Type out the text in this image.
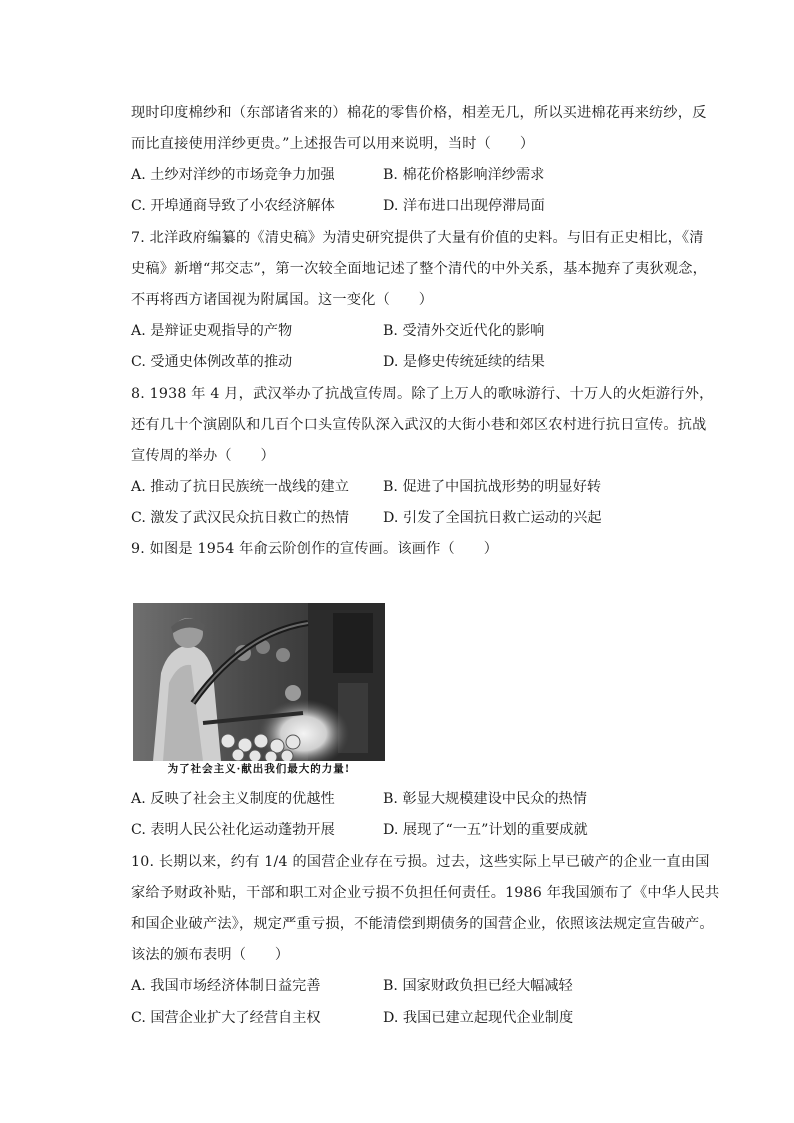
现时印度棉纱和（东部诸省来的）棉花的零售价格，相差无几，所以买进棉花再来纺纱，反
而比直接使用洋纱更贵。”上述报告可以用来说明，当时（　　）
A. 土纱对洋纱的市场竞争力加强	B. 棉花价格影响洋纱需求
C. 开埠通商导致了小农经济解体	D. 洋布进口出现停滞局面
7. 北洋政府编纂的《清史稿》为清史研究提供了大量有价值的史料。与旧有正史相比，《清
史稿》新增“邦交志”，第一次较全面地记述了整个清代的中外关系，基本抛弃了夷狄观念，
不再将西方诸国视为附属国。这一变化（　　）
A. 是辩证史观指导的产物	B. 受清外交近代化的影响
C. 受通史体例改革的推动	D. 是修史传统延续的结果
8. 1938 年 4 月，武汉举办了抗战宣传周。除了上万人的歌咏游行、十万人的火炬游行外，
还有几十个演剧队和几百个口头宣传队深入武汉的大街小巷和郊区农村进行抗日宣传。抗战
宣传周的举办（　　）
A. 推动了抗日民族统一战线的建立 B. 促进了中国抗战形势的明显好转
C. 激发了武汉民众抗日救亡的热情 D. 引发了全国抗日救亡运动的兴起
9. 如图是 1954 年俞云阶创作的宣传画。该画作（　　）
为了社会主义·献出我们最大的力量!
A. 反映了社会主义制度的优越性	B. 彰显大规模建设中民众的热情
C. 表明人民公社化运动蓬勃开展	D. 展现了“一五”计划的重要成就
10. 长期以来，约有 1/4 的国营企业存在亏损。过去，这些实际上早已破产的企业一直由国
家给予财政补贴，干部和职工对企业亏损不负担任何责任。1986 年我国颁布了《中华人民共
和国企业破产法》，规定严重亏损，不能清偿到期债务的国营企业，依照该法规定宣告破产。
该法的颁布表明（　　）
A. 我国市场经济体制日益完善	B. 国家财政负担已经大幅减轻
C. 国营企业扩大了经营自主权	D. 我国已建立起现代企业制度
